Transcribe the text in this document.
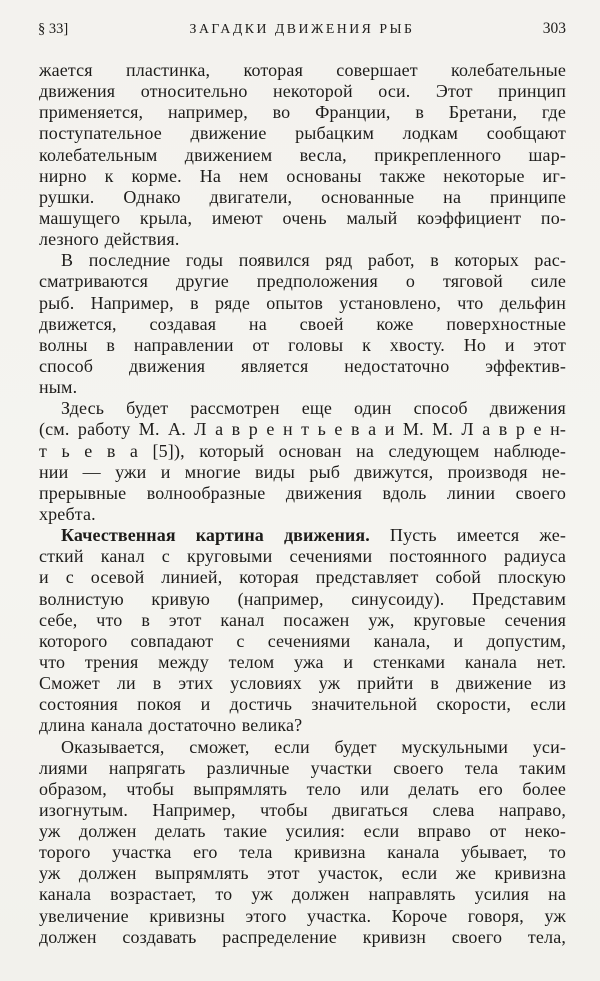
§ 33]	ЗАГАДКИ ДВИЖЕНИЯ РЫБ	303
жается пластинка, которая совершает колебательные
движения относительно некоторой оси. Этот принцип
применяется, например, во Франции, в Бретани, где
поступательное движение рыбацким лодкам сообщают
колебательным движением весла, прикрепленного шар-
нирно к корме. На нем основаны также некоторые иг-
рушки. Однако двигатели, основанные на принципе
машущего крыла, имеют очень малый коэффициент по-
лезного действия.
В последние годы появился ряд работ, в которых рас-
сматриваются другие предположения о тяговой силе
рыб. Например, в ряде опытов установлено, что дельфин
движется, создавая на своей коже поверхностные
волны в направлении от головы к хвосту. Но и этот
способ движения является недостаточно эффектив-
ным.
Здесь будет рассмотрен еще один способ движения
(см. работу М. А. Л а в р е н т ь е в а и М. М. Л а в р е н-
т ь е в а [5]), который основан на следующем наблюде-
нии — ужи и многие виды рыб движутся, производя не-
прерывные волнообразные движения вдоль линии своего
хребта.
Качественная картина движения. Пусть имеется же-
сткий канал с круговыми сечениями постоянного радиуса
и с осевой линией, которая представляет собой плоскую
волнистую кривую (например, синусоиду). Представим
себе, что в этот канал посажен уж, круговые сечения
которого совпадают с сечениями канала, и допустим,
что трения между телом ужа и стенками канала нет.
Сможет ли в этих условиях уж прийти в движение из
состояния покоя и достичь значительной скорости, если
длина канала достаточно велика?
Оказывается, сможет, если будет мускульными уси-
лиями напрягать различные участки своего тела таким
образом, чтобы выпрямлять тело или делать его более
изогнутым. Например, чтобы двигаться слева направо,
уж должен делать такие усилия: если вправо от неко-
торого участка его тела кривизна канала убывает, то
уж должен выпрямлять этот участок, если же кривизна
канала возрастает, то уж должен направлять усилия на
увеличение кривизны этого участка. Короче говоря, уж
должен создавать распределение кривизн своего тела,
